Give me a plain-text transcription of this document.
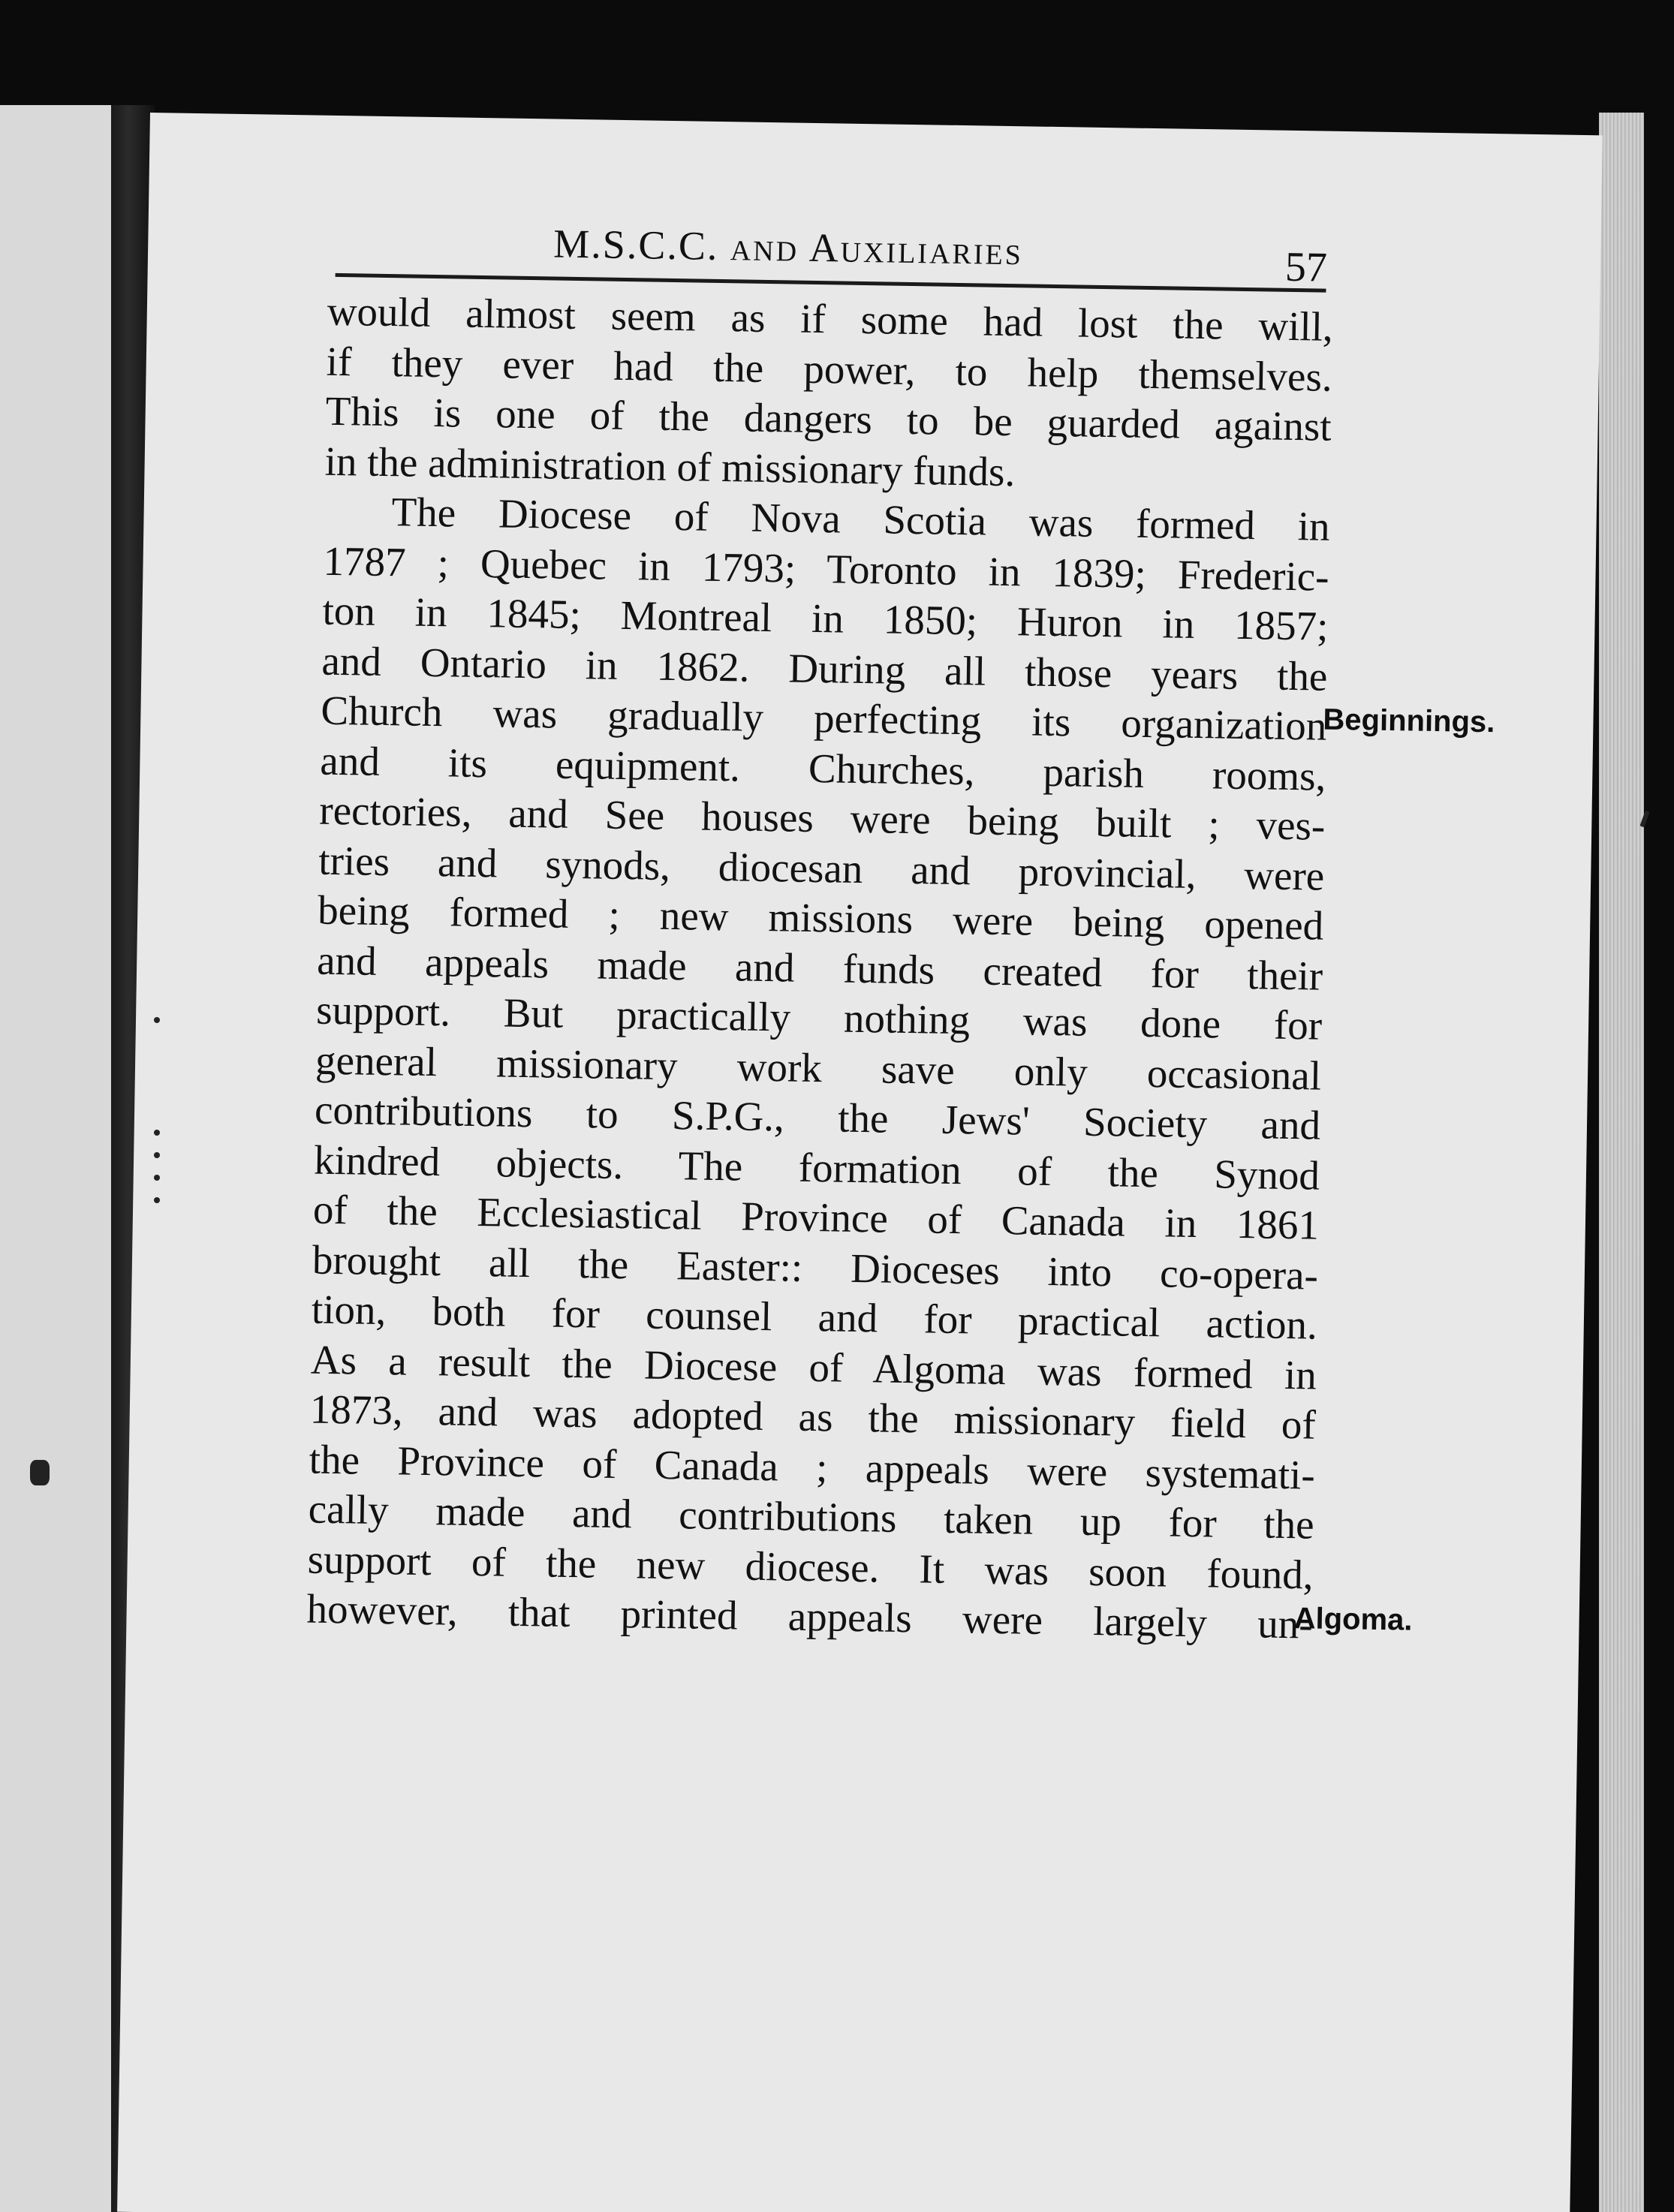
M.S.C.C. and Auxiliaries	57
would almost seem as if some had lost the will,
if they ever had the power, to help themselves.
This is one of the dangers to be guarded against
in the administration of missionary funds.
The Diocese of Nova Scotia was formed in
1787 ; Quebec in 1793; Toronto in 1839; Frederic-
ton in 1845; Montreal in 1850; Huron in 1857;
and Ontario in 1862. During all those years the
Church was gradually perfecting its organization
and its equipment. Churches, parish rooms,
rectories, and See houses were being built ; ves-
tries and synods, diocesan and provincial, were
being formed ; new missions were being opened
and appeals made and funds created for their
support. But practically nothing was done for
general missionary work save only occasional
contributions to S.P.G., the Jews' Society and
kindred objects. The formation of the Synod
of the Ecclesiastical Province of Canada in 1861
brought all the Easter:: Dioceses into co-opera-
tion, both for counsel and for practical action.
As a result the Diocese of Algoma was formed in
1873, and was adopted as the missionary field of
the Province of Canada ; appeals were systemati-
cally made and contributions taken up for the
support of the new diocese. It was soon found,
however, that printed appeals were largely un-
Beginnings.
Algoma.
